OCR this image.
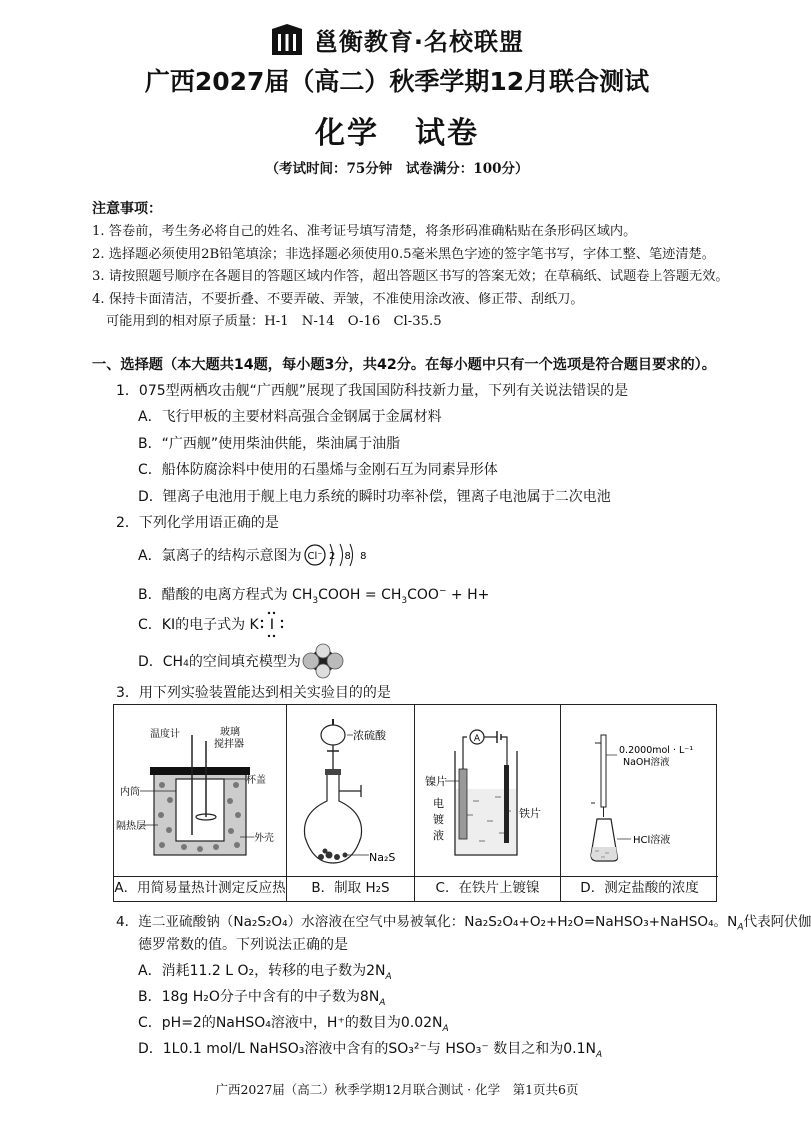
邕衡教育·名校联盟
广西2027届（高二）秋季学期12月联合测试
化学 试卷
（考试时间：75分钟　试卷满分：100分）
注意事项：
1. 答卷前，考生务必将自己的姓名、准考证号填写清楚，将条形码准确粘贴在条形码区域内。
2. 选择题必须使用2B铅笔填涂；非选择题必须使用0.5毫米黑色字迹的签字笔书写，字体工整、笔迹清楚。
3. 请按照题号顺序在各题目的答题区域内作答，超出答题区书写的答案无效；在草稿纸、试题卷上答题无效。
4. 保持卡面清洁，不要折叠、不要弄破、弄皱，不准使用涂改液、修正带、刮纸刀。
可能用到的相对原子质量：H-1　N-14　O-16　Cl-35.5
一、选择题（本大题共14题，每小题3分，共42分。在每小题中只有一个选项是符合题目要求的）。
1．075型两栖攻击舰“广西舰”展现了我国国防科技新力量，下列有关说法错误的是
A．飞行甲板的主要材料高强合金钢属于金属材料
B．“广西舰”使用柴油供能，柴油属于油脂
C．船体防腐涂料中使用的石墨烯与金刚石互为同素异形体
D．锂离子电池用于舰上电力系统的瞬时功率补偿，锂离子电池属于二次电池
2．下列化学用语正确的是
A．氯离子的结构示意图为 Cl⁻ 2 8 8
B．醋酸的电离方程式为 $CH_3COOH = CH_3COO^- + H+$
C．KI的电子式为 K I
D．$CH_4$ 的空间填充模型为
3．用下列实验装置能达到相关实验目的的是
温度计	玻璃
搅拌器
内筒
杯盖
隔热层
外壳
A．用简易量热计测定反应热
浓硫酸
Na₂S
B．制取 H₂S
A
镍片
电
镀
液
铁片
C．在铁片上镀镍
0.2000mol · L⁻¹
NaOH溶液
HCl溶液
D．测定盐酸的浓度
4．连二亚硫酸钠（Na₂S₂O₄）水溶液在空气中易被氧化：Na₂S₂O₄+O₂+H₂O=NaHSO₃+NaHSO₄。$N_A$代表阿伏伽
德罗常数的值。下列说法正确的是
A．消耗11.2 L O₂，转移的电子数为$2N_A$
B．18g H₂O分子中含有的中子数为$8N_A$
C．pH=2的NaHSO₄溶液中，H⁺的数目为$0.02N_A$
D．1L0.1 mol/L NaHSO₃溶液中含有的SO₃²⁻与 HSO₃⁻ 数目之和为$0.1N_A$
广西2027届（高二）秋季学期12月联合测试 · 化学　第1页共6页
